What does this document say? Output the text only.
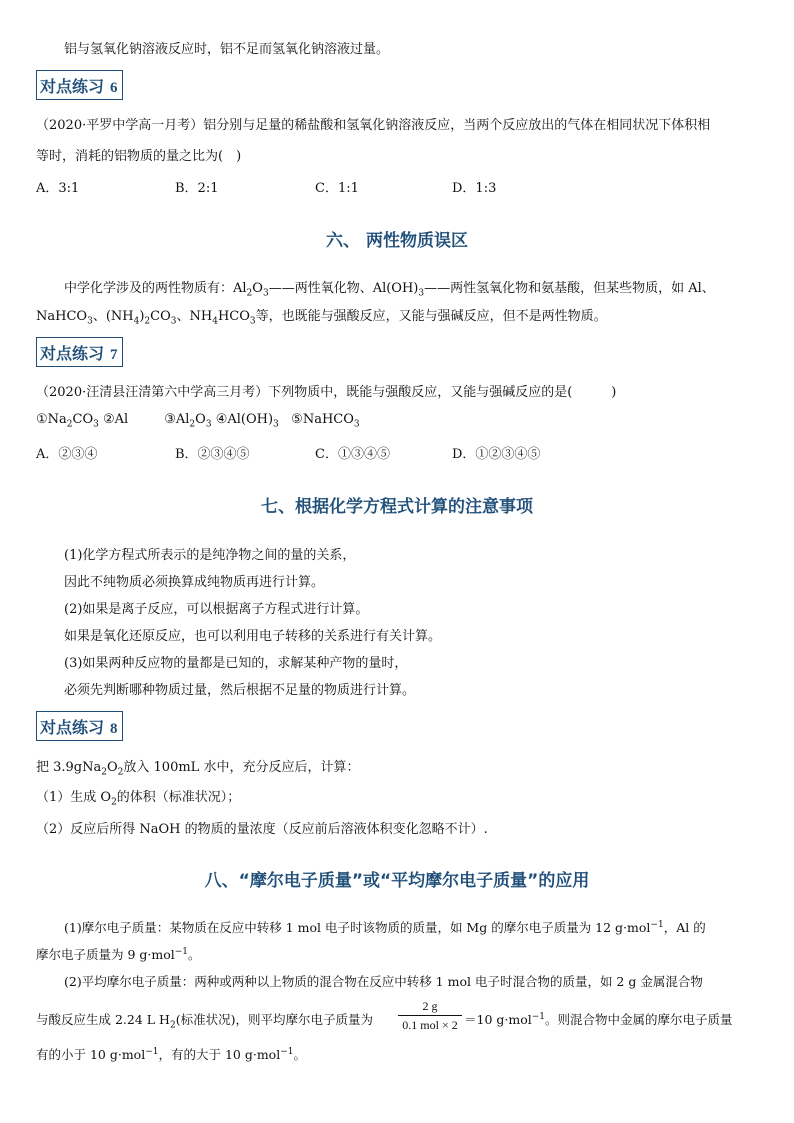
铝与氢氧化钠溶液反应时，铝不足而氢氧化钠溶液过量。
对点练习 6
（2020·平罗中学高一月考）铝分别与足量的稀盐酸和氢氧化钠溶液反应，当两个反应放出的气体在相同状况下体积相
等时，消耗的铝物质的量之比为(　)
A．3:1	B．2:1	C．1:1	D．1:3
六、 两性物质误区
中学化学涉及的两性物质有：$Al_2O_3——$两性氧化物、$Al(OH)_3——$两性氢氧化物和氨基酸，但某些物质，如 Al、
NaHCO$_3$、$(NH_4)_2CO_3$、$NH_4HCO_3$等，也既能与强酸反应，又能与强碱反应，但不是两性物质。
对点练习 7
（2020·汪清县汪清第六中学高三月考）下列物质中，既能与强酸反应，又能与强碱反应的是(　　　)
$①Na_2CO_3$ ②Al	$③Al_2O_3$ $④Al(OH)_3$ ⑤NaHCO$_3$
A．②③④	B．②③④⑤	C．①③④⑤	D．①②③④⑤
七、根据化学方程式计算的注意事项
(1)化学方程式所表示的是纯净物之间的量的关系，
因此不纯物质必须换算成纯物质再进行计算。
(2)如果是离子反应，可以根据离子方程式进行计算。
如果是氧化还原反应，也可以利用电子转移的关系进行有关计算。
(3)如果两种反应物的量都是已知的，求解某种产物的量时，
必须先判断哪种物质过量，然后根据不足量的物质进行计算。
对点练习 8
把 $3.9gNa_2O_2$放入 100mL 水中，充分反应后，计算：
（1）生成 $O_2$的体积（标准状况）；
（2）反应后所得 NaOH 的物质的量浓度（反应前后溶液体积变化忽略不计）.
八、“摩尔电子质量”或“平均摩尔电子质量”的应用
(1)摩尔电子质量：某物质在反应中转移 1 mol 电子时该物质的质量，如 Mg 的摩尔电子质量为 12 g·mol$^{-1}$，Al 的
摩尔电子质量为 9 g·mol$^{-1}$。
(2)平均摩尔电子质量：两种或两种以上物质的混合物在反应中转移 1 mol 电子时混合物的质量，如 2 g 金属混合物
与酸反应生成 2.24 L $H_2$(标准状况)，则平均摩尔电子质量为
2 g
0.1 mol × 2 ＝10 g·mol$^{-1}$。则混合物中金属的摩尔电子质量
有的小于 10 g·mol$^{-1}$，有的大于 10 g·mol$^{-1}$。
